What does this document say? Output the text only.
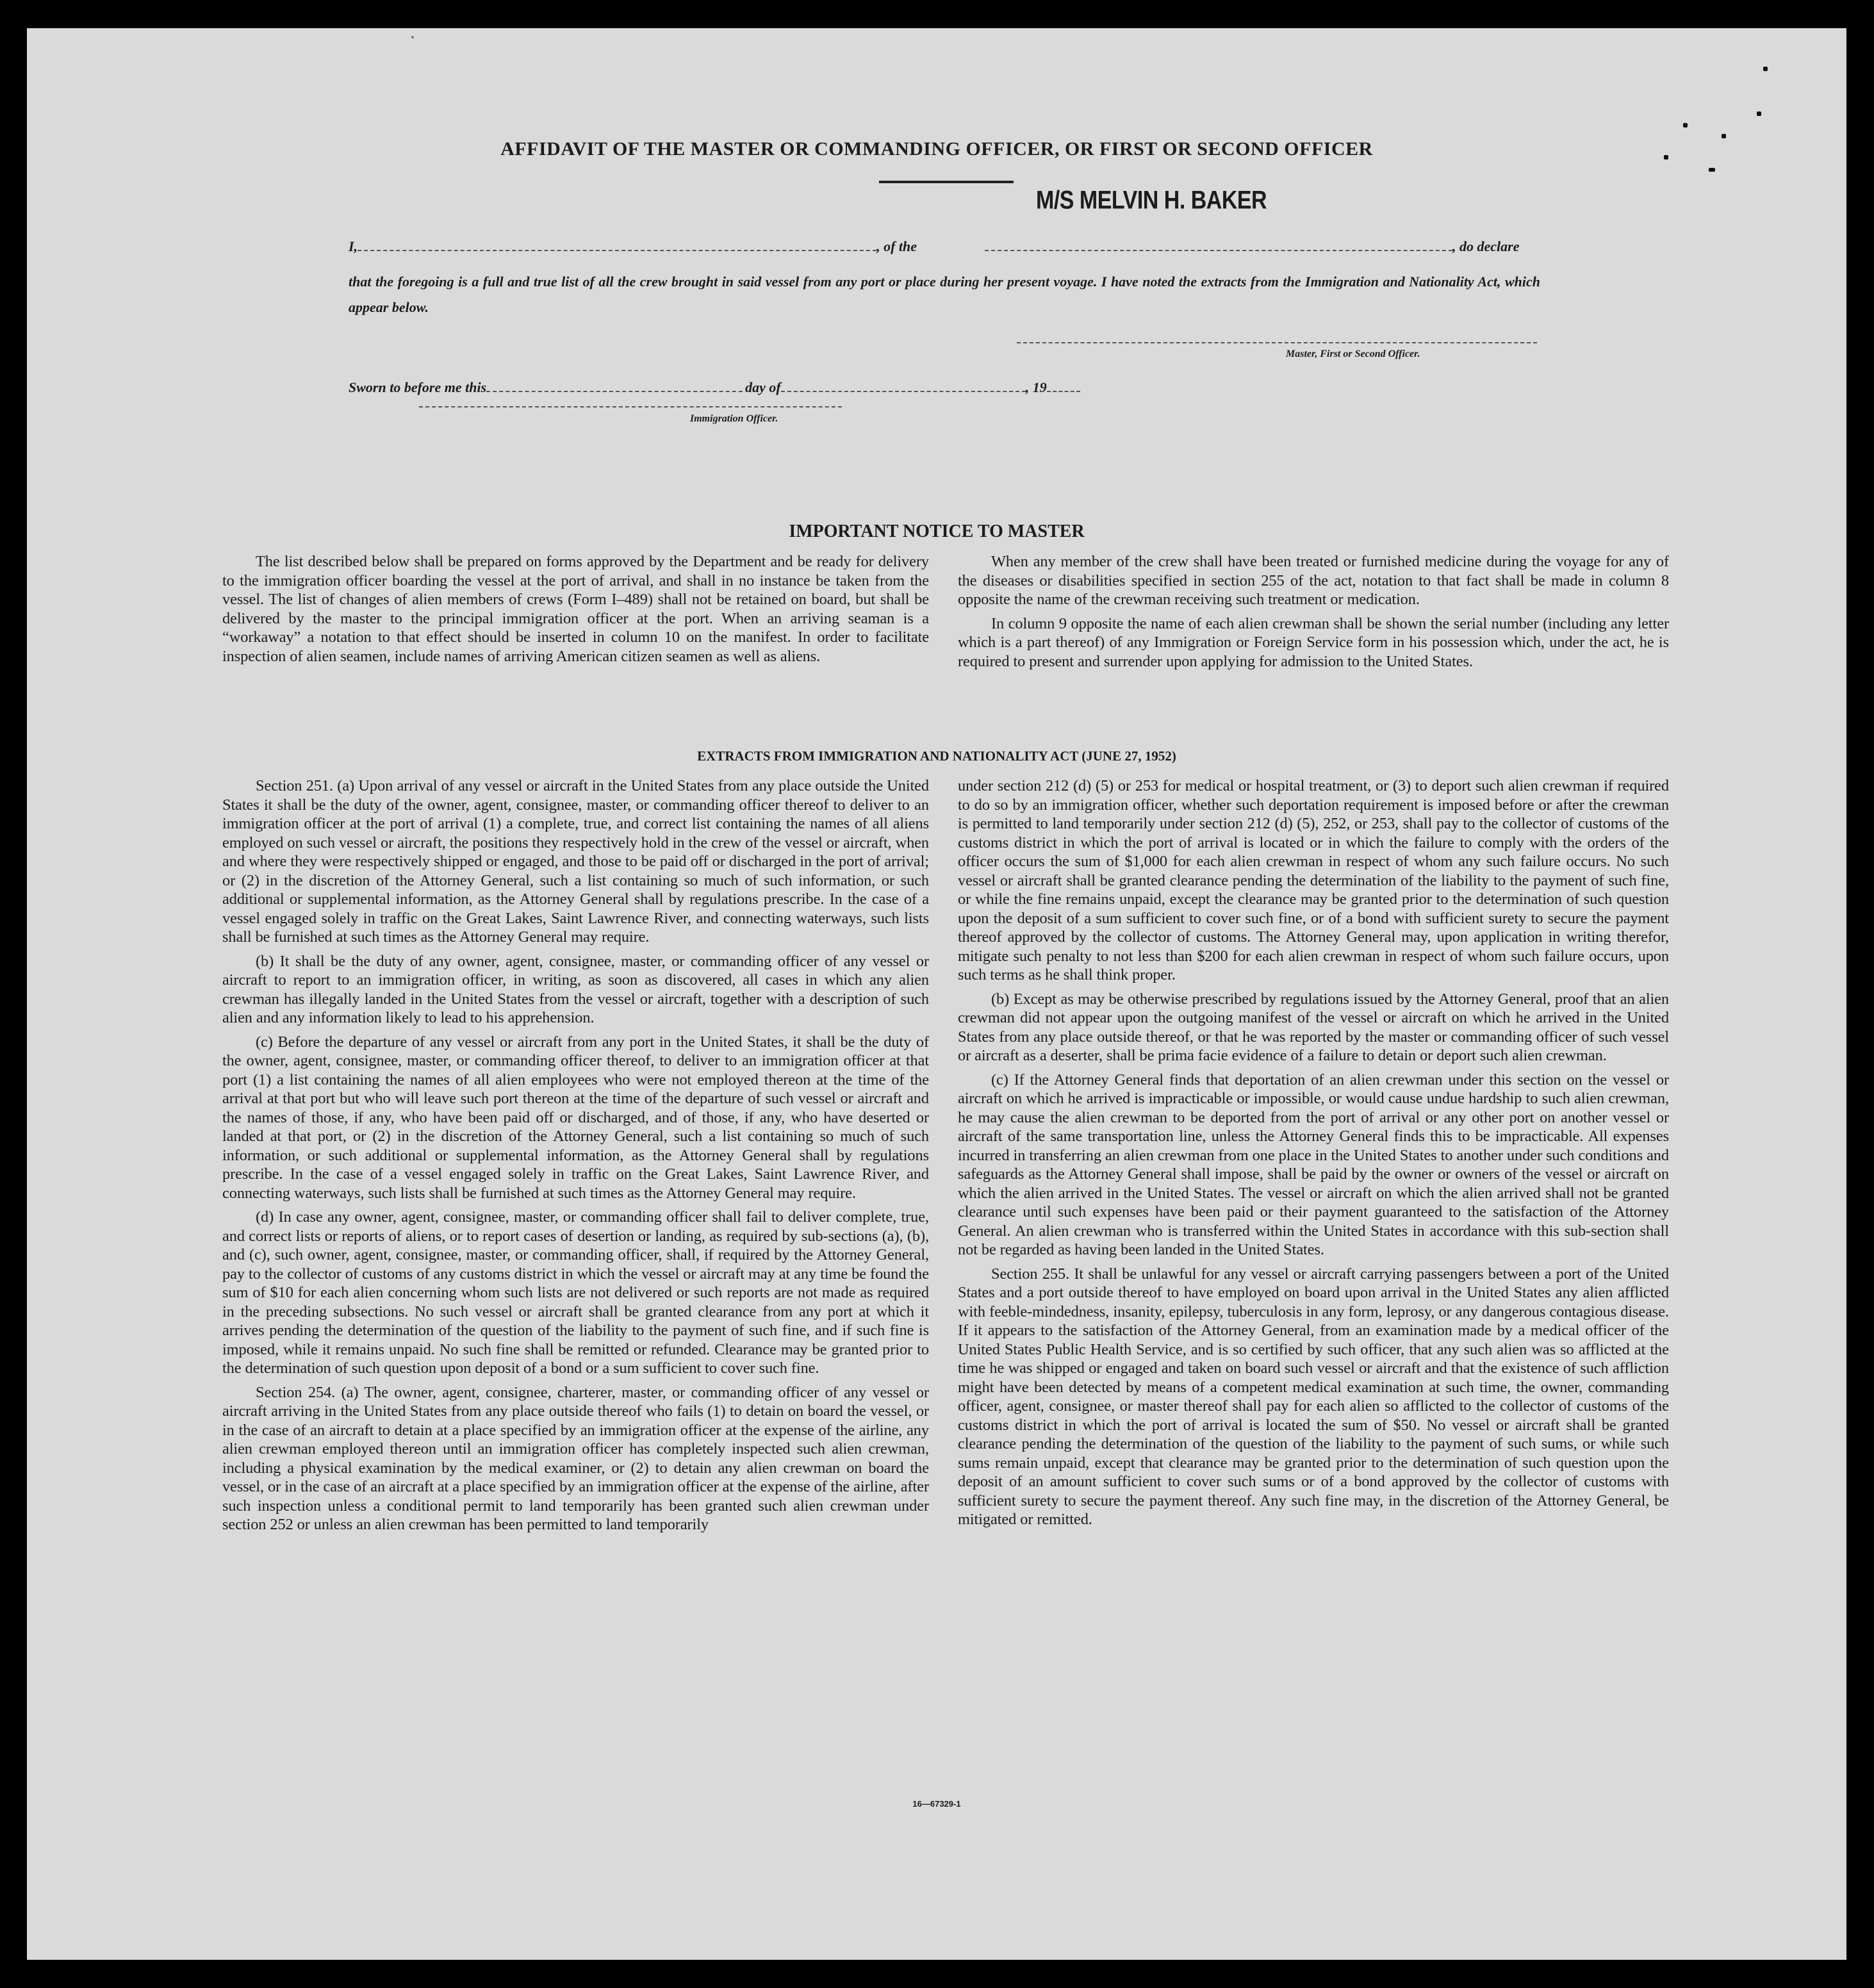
AFFIDAVIT OF THE MASTER OR COMMANDING OFFICER, OR FIRST OR SECOND OFFICER
I,	, of the
M/S MELVIN H. BAKER
, do declare
that the foregoing is a full and true list of all the crew brought in said vessel from any port or place during her present voyage. I have noted the extracts from the Immigration and Nationality Act, which appear below.
Master, First or Second Officer.
Sworn to before me this	day of	, 19
Immigration Officer.
IMPORTANT NOTICE TO MASTER

The list described below shall be prepared on forms approved by the Department and be ready for delivery to the immigration officer boarding the vessel at the port of arrival, and shall in no instance be taken from the vessel. The list of changes of alien members of crews (Form I–489) shall not be retained on board, but shall be delivered by the master to the principal immigration officer at the port. When an arriving seaman is a “workaway” a notation to that effect should be inserted in column 10 on the manifest. In order to facilitate inspection of alien seamen, include names of arriving American citizen seamen as well as aliens.

When any member of the crew shall have been treated or furnished medicine during the voyage for any of the diseases or disabilities specified in section 255 of the act, notation to that fact shall be made in column 8 opposite the name of the crewman receiving such treatment or medication.

In column 9 opposite the name of each alien crewman shall be shown the serial number (including any letter which is a part thereof) of any Immigration or Foreign Service form in his possession which, under the act, he is required to present and surrender upon applying for admission to the United States.

EXTRACTS FROM IMMIGRATION AND NATIONALITY ACT (JUNE 27, 1952)

Section 251. (a) Upon arrival of any vessel or aircraft in the United States from any place outside the United States it shall be the duty of the owner, agent, consignee, master, or commanding officer thereof to deliver to an immigration officer at the port of arrival (1) a complete, true, and correct list containing the names of all aliens employed on such vessel or aircraft, the positions they respectively hold in the crew of the vessel or aircraft, when and where they were respectively shipped or engaged, and those to be paid off or discharged in the port of arrival; or (2) in the discretion of the Attorney General, such a list containing so much of such information, or such additional or supplemental information, as the Attorney General shall by regulations prescribe. In the case of a vessel engaged solely in traffic on the Great Lakes, Saint Lawrence River, and connecting waterways, such lists shall be furnished at such times as the Attorney General may require.

(b) It shall be the duty of any owner, agent, consignee, master, or commanding officer of any vessel or aircraft to report to an immigration officer, in writing, as soon as discovered, all cases in which any alien crewman has illegally landed in the United States from the vessel or aircraft, together with a description of such alien and any information likely to lead to his apprehension.

(c) Before the departure of any vessel or aircraft from any port in the United States, it shall be the duty of the owner, agent, consignee, master, or commanding officer thereof, to deliver to an immigration officer at that port (1) a list containing the names of all alien employees who were not employed thereon at the time of the arrival at that port but who will leave such port thereon at the time of the departure of such vessel or aircraft and the names of those, if any, who have been paid off or discharged, and of those, if any, who have deserted or landed at that port, or (2) in the discretion of the Attorney General, such a list containing so much of such information, or such additional or supplemental information, as the Attorney General shall by regulations prescribe. In the case of a vessel engaged solely in traffic on the Great Lakes, Saint Lawrence River, and connecting waterways, such lists shall be furnished at such times as the Attorney General may require.

(d) In case any owner, agent, consignee, master, or commanding officer shall fail to deliver complete, true, and correct lists or reports of aliens, or to report cases of desertion or landing, as required by sub-sections (a), (b), and (c), such owner, agent, consignee, master, or commanding officer, shall, if required by the Attorney General, pay to the collector of customs of any customs district in which the vessel or aircraft may at any time be found the sum of $10 for each alien concerning whom such lists are not delivered or such reports are not made as required in the preceding subsections. No such vessel or aircraft shall be granted clearance from any port at which it arrives pending the determination of the question of the liability to the payment of such fine, and if such fine is imposed, while it remains unpaid. No such fine shall be remitted or refunded. Clearance may be granted prior to the determination of such question upon deposit of a bond or a sum sufficient to cover such fine.

Section 254. (a) The owner, agent, consignee, charterer, master, or commanding officer of any vessel or aircraft arriving in the United States from any place outside thereof who fails (1) to detain on board the vessel, or in the case of an aircraft to detain at a place specified by an immigration officer at the expense of the airline, any alien crewman employed thereon until an immigration officer has completely inspected such alien crewman, including a physical examination by the medical examiner, or (2) to detain any alien crewman on board the vessel, or in the case of an aircraft at a place specified by an immigration officer at the expense of the airline, after such inspection unless a conditional permit to land temporarily has been granted such alien crewman under section 252 or unless an alien crewman has been permitted to land temporarily

under section 212 (d) (5) or 253 for medical or hospital treatment, or (3) to deport such alien crewman if required to do so by an immigration officer, whether such deportation requirement is imposed before or after the crewman is permitted to land temporarily under section 212 (d) (5), 252, or 253, shall pay to the collector of customs of the customs district in which the port of arrival is located or in which the failure to comply with the orders of the officer occurs the sum of $1,000 for each alien crewman in respect of whom any such failure occurs. No such vessel or aircraft shall be granted clearance pending the determination of the liability to the payment of such fine, or while the fine remains unpaid, except the clearance may be granted prior to the determination of such question upon the deposit of a sum sufficient to cover such fine, or of a bond with sufficient surety to secure the payment thereof approved by the collector of customs. The Attorney General may, upon application in writing therefor, mitigate such penalty to not less than $200 for each alien crewman in respect of whom such failure occurs, upon such terms as he shall think proper.

(b) Except as may be otherwise prescribed by regulations issued by the Attorney General, proof that an alien crewman did not appear upon the outgoing manifest of the vessel or aircraft on which he arrived in the United States from any place outside thereof, or that he was reported by the master or commanding officer of such vessel or aircraft as a deserter, shall be prima facie evidence of a failure to detain or deport such alien crewman.

(c) If the Attorney General finds that deportation of an alien crewman under this section on the vessel or aircraft on which he arrived is impracticable or impossible, or would cause undue hardship to such alien crewman, he may cause the alien crewman to be deported from the port of arrival or any other port on another vessel or aircraft of the same transportation line, unless the Attorney General finds this to be impracticable. All expenses incurred in transferring an alien crewman from one place in the United States to another under such conditions and safeguards as the Attorney General shall impose, shall be paid by the owner or owners of the vessel or aircraft on which the alien arrived in the United States. The vessel or aircraft on which the alien arrived shall not be granted clearance until such expenses have been paid or their payment guaranteed to the satisfaction of the Attorney General. An alien crewman who is transferred within the United States in accordance with this sub-section shall not be regarded as having been landed in the United States.

Section 255. It shall be unlawful for any vessel or aircraft carrying passengers between a port of the United States and a port outside thereof to have employed on board upon arrival in the United States any alien afflicted with feeble-mindedness, insanity, epilepsy, tuberculosis in any form, leprosy, or any dangerous contagious disease. If it appears to the satisfaction of the Attorney General, from an examination made by a medical officer of the United States Public Health Service, and is so certified by such officer, that any such alien was so afflicted at the time he was shipped or engaged and taken on board such vessel or aircraft and that the existence of such affliction might have been detected by means of a competent medical examination at such time, the owner, commanding officer, agent, consignee, or master thereof shall pay for each alien so afflicted to the collector of customs of the customs district in which the port of arrival is located the sum of $50. No vessel or aircraft shall be granted clearance pending the determination of the question of the liability to the payment of such sums, or while such sums remain unpaid, except that clearance may be granted prior to the determination of such question upon the deposit of an amount sufficient to cover such sums or of a bond approved by the collector of customs with sufficient surety to secure the payment thereof. Any such fine may, in the discretion of the Attorney General, be mitigated or remitted.

16—67329-1
